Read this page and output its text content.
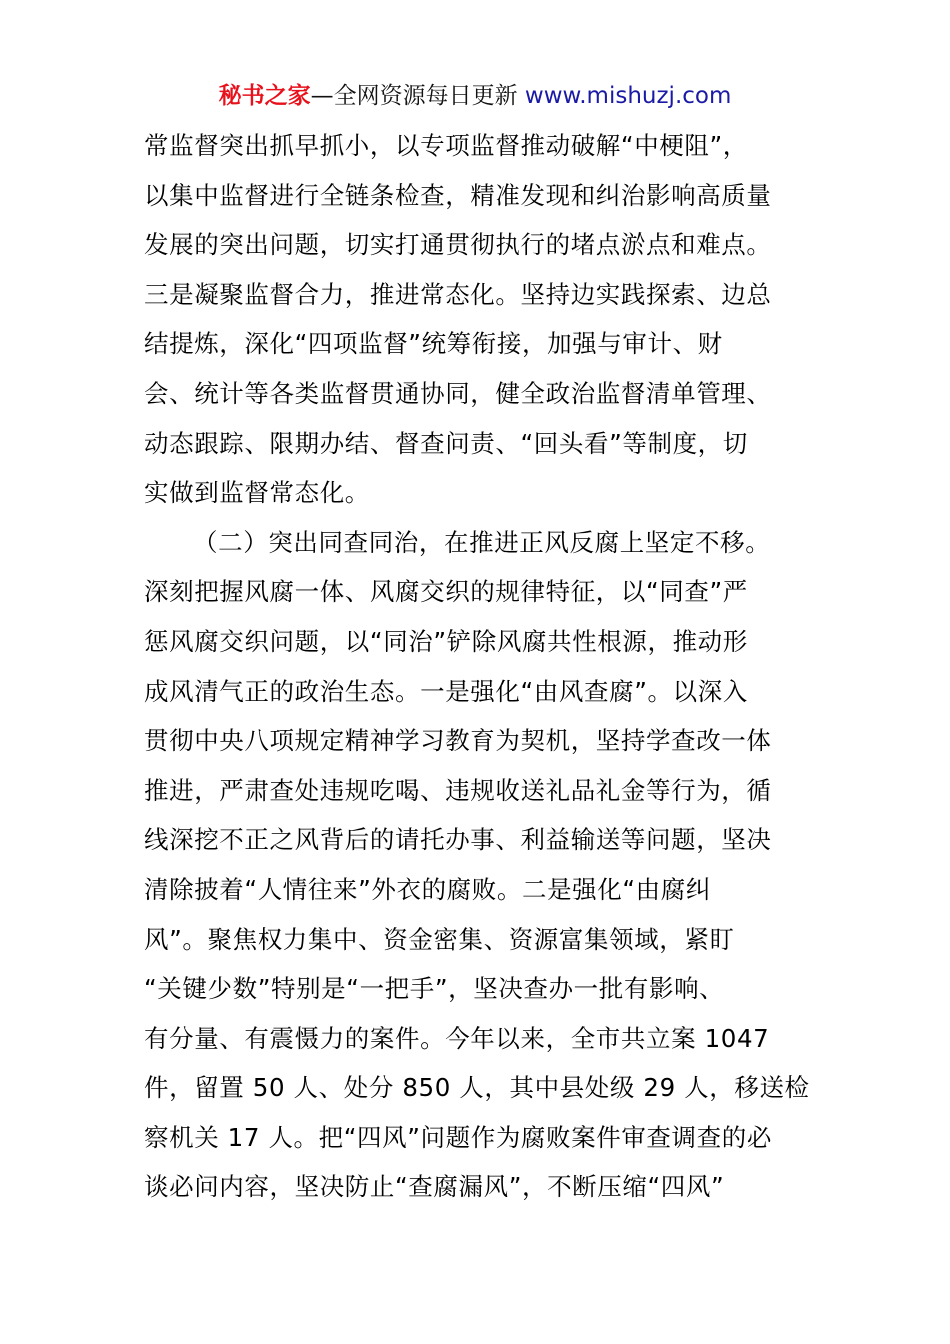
秘书之家—全网资源每日更新 www.mishuzj.com
常监督突出抓早抓小，以专项监督推动破解“中梗阻”，
以集中监督进行全链条检查，精准发现和纠治影响高质量
发展的突出问题，切实打通贯彻执行的堵点淤点和难点。
三是凝聚监督合力，推进常态化。坚持边实践探索、边总
结提炼，深化“四项监督”统筹衔接，加强与审计、财
会、统计等各类监督贯通协同，健全政治监督清单管理、
动态跟踪、限期办结、督查问责、“回头看”等制度，切
实做到监督常态化。
（二）突出同查同治，在推进正风反腐上坚定不移。
深刻把握风腐一体、风腐交织的规律特征，以“同查”严
惩风腐交织问题，以“同治”铲除风腐共性根源，推动形
成风清气正的政治生态。一是强化“由风查腐”。以深入
贯彻中央八项规定精神学习教育为契机，坚持学查改一体
推进，严肃查处违规吃喝、违规收送礼品礼金等行为，循
线深挖不正之风背后的请托办事、利益输送等问题，坚决
清除披着“人情往来”外衣的腐败。二是强化“由腐纠
风”。聚焦权力集中、资金密集、资源富集领域，紧盯
“关键少数”特别是“一把手”，坚决查办一批有影响、
有分量、有震慑力的案件。今年以来，全市共立案 1047
件，留置 50 人、处分 850 人，其中县处级 29 人，移送检
察机关 17 人。把“四风”问题作为腐败案件审查调查的必
谈必问内容，坚决防止“查腐漏风”，不断压缩“四风”
